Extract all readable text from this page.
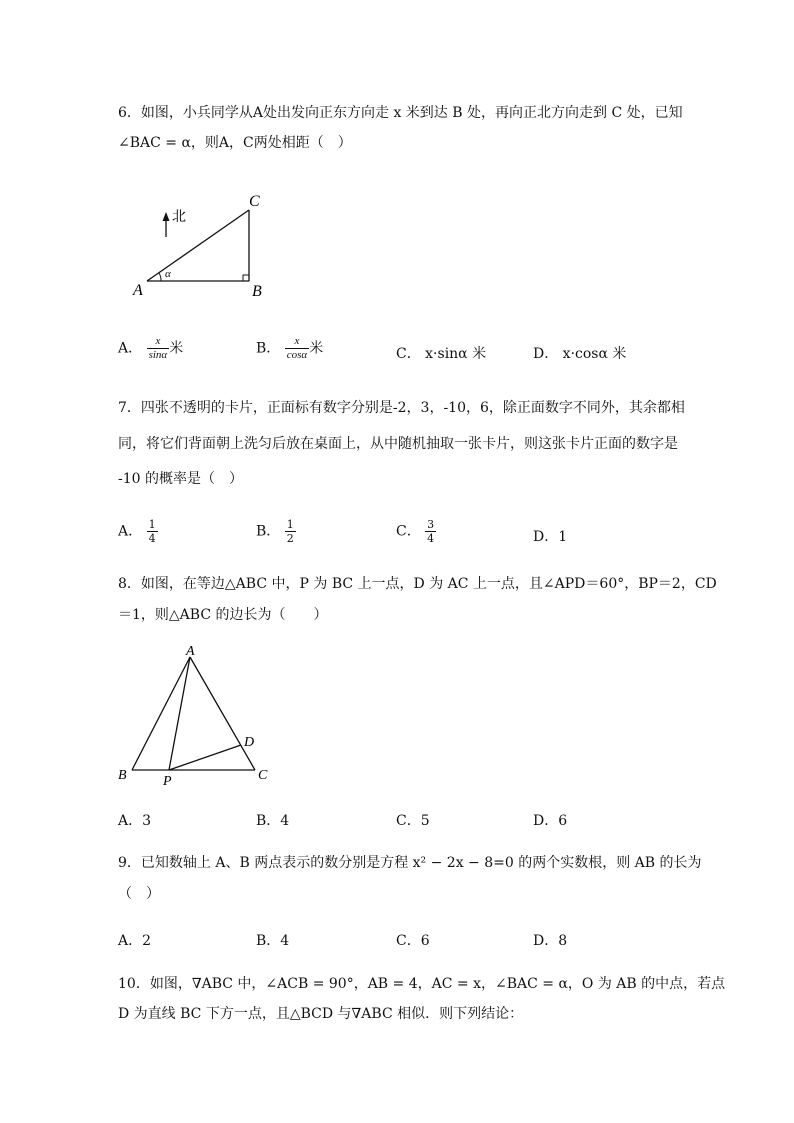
6．如图，小兵同学从A处出发向正东方向走 x 米到达 B 处，再向正北方向走到 C 处，已知
∠BAC = α，则A，C两处相距（　）
北
A	B
C
α
A． $\frac{x}{\sin\alpha}$ 米	B． $\frac{x}{\cos\alpha}$ 米	C． x·sinα 米	D． x·cosα 米
7．四张不透明的卡片，正面标有数字分别是-2，3，-10，6，除正面数字不同外，其余都相
同，将它们背面朝上洗匀后放在桌面上，从中随机抽取一张卡片，则这张卡片正面的数字是
-10 的概率是（　）
A． $\frac{1}{4}$	B． $\frac{1}{2}$	C． $\frac{3}{4}$	D．1
8．如图，在等边△ABC 中，P 为 BC 上一点，D 为 AC 上一点，且∠APD＝60°，BP＝2，CD
＝1，则△ABC 的边长为（　　）
A
B	C
D
P
A．3	B．4	C．5	D．6
9．已知数轴上 A、B 两点表示的数分别是方程 x² − 2x − 8=0 的两个实数根，则 AB 的长为
（　）
A．2	B．4	C．6	D．8
10．如图，∇ABC 中，∠ACB = 90°，AB = 4，AC = x，∠BAC = α，O 为 AB 的中点，若点
D 为直线 BC 下方一点，且△BCD 与∇ABC 相似．则下列结论：
